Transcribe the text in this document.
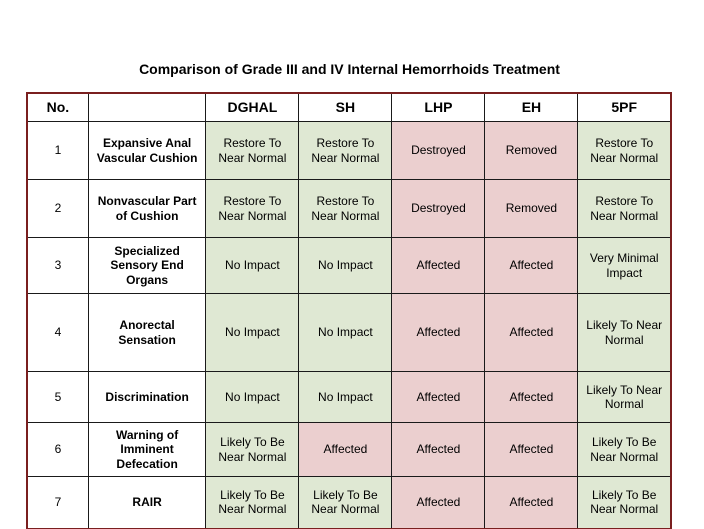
Comparison of Grade III and IV Internal Hemorrhoids Treatment
No.		DGHAL	SH	LHP	EH	5PF
1	Expansive Anal Vascular Cushion	Restore To Near Normal	Restore To Near Normal	Destroyed	Removed	Restore To Near Normal
2	Nonvascular Part of Cushion	Restore To Near Normal	Restore To Near Normal	Destroyed	Removed	Restore To Near Normal
3	Specialized Sensory End Organs	No Impact	No Impact	Affected	Affected	Very Minimal Impact
4	Anorectal Sensation	No Impact	No Impact	Affected	Affected	Likely To Near Normal
5	Discrimination	No Impact	No Impact	Affected	Affected	Likely To Near Normal
6	Warning of Imminent Defecation	Likely To Be Near Normal	Affected	Affected	Affected	Likely To Be Near Normal
7	RAIR	Likely To Be Near Normal	Likely To Be Near Normal	Affected	Affected	Likely To Be Near Normal
